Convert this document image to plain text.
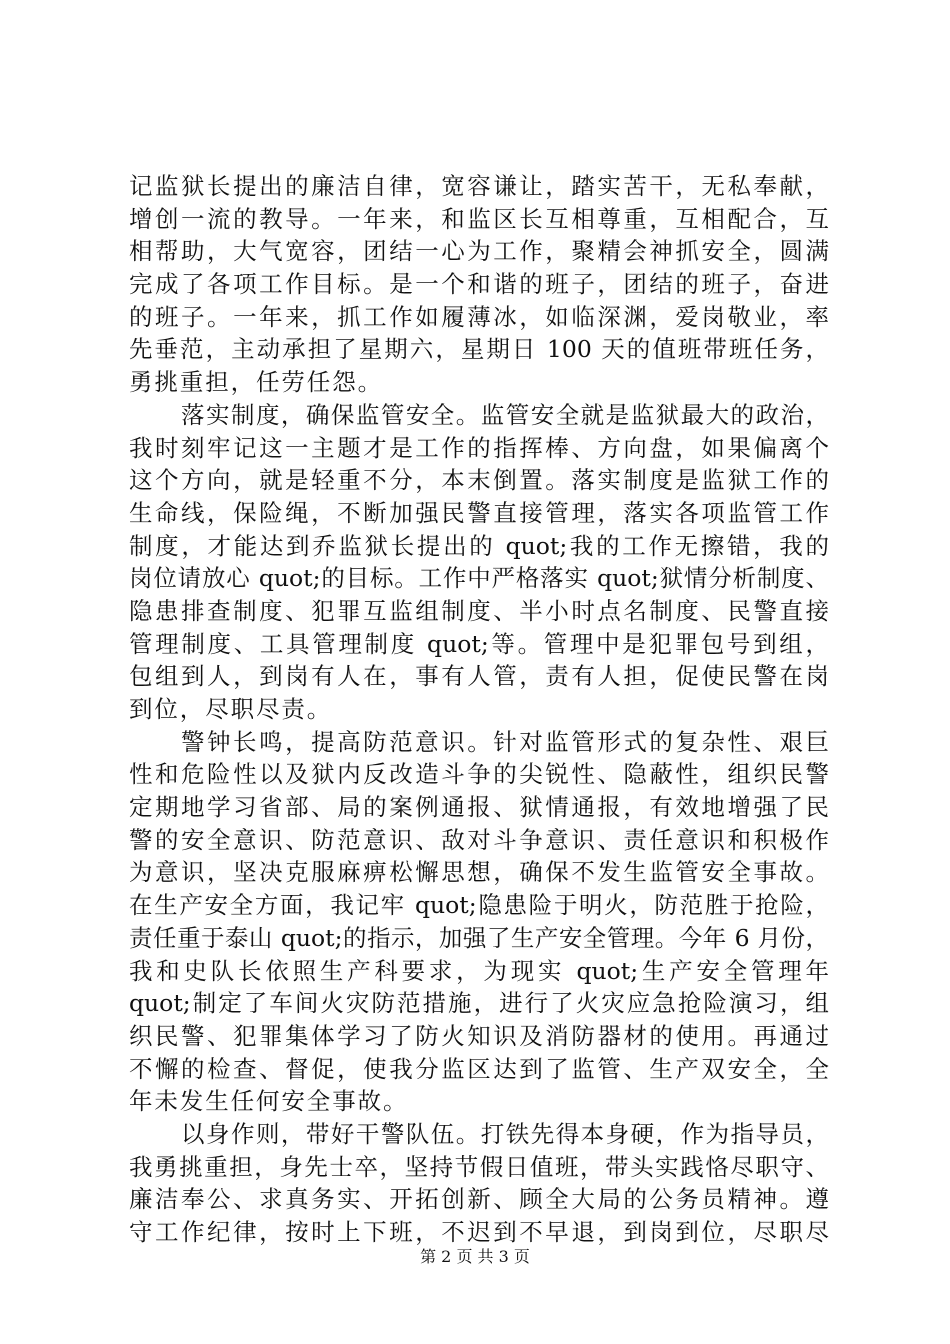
记监狱长提出的廉洁自律，宽容谦让，踏实苦干，无私奉献，
增创一流的教导。一年来，和监区长互相尊重，互相配合，互
相帮助，大气宽容，团结一心为工作，聚精会神抓安全，圆满
完成了各项工作目标。是一个和谐的班子，团结的班子，奋进
的班子。一年来，抓工作如履薄冰，如临深渊，爱岗敬业，率
先垂范，主动承担了星期六，星期日 100 天的值班带班任务，
勇挑重担，任劳任怨。
落实制度，确保监管安全。监管安全就是监狱最大的政治，
我时刻牢记这一主题才是工作的指挥棒、方向盘，如果偏离个
这个方向，就是轻重不分，本末倒置。落实制度是监狱工作的
生命线，保险绳，不断加强民警直接管理，落实各项监管工作
制度，才能达到乔监狱长提出的 quot;我的工作无擦错，我的
岗位请放心 quot;的目标。工作中严格落实 quot;狱情分析制度、
隐患排查制度、犯罪互监组制度、半小时点名制度、民警直接
管理制度、工具管理制度 quot;等。管理中是犯罪包号到组，
包组到人，到岗有人在，事有人管，责有人担，促使民警在岗
到位，尽职尽责。
警钟长鸣，提高防范意识。针对监管形式的复杂性、艰巨
性和危险性以及狱内反改造斗争的尖锐性、隐蔽性，组织民警
定期地学习省部、局的案例通报、狱情通报，有效地增强了民
警的安全意识、防范意识、敌对斗争意识、责任意识和积极作
为意识，坚决克服麻痹松懈思想，确保不发生监管安全事故。
在生产安全方面，我记牢 quot;隐患险于明火，防范胜于抢险，
责任重于泰山 quot;的指示，加强了生产安全管理。今年 6 月份，
我和史队长依照生产科要求，为现实 quot;生产安全管理年
quot;制定了车间火灾防范措施，进行了火灾应急抢险演习，组
织民警、犯罪集体学习了防火知识及消防器材的使用。再通过
不懈的检查、督促，使我分监区达到了监管、生产双安全，全
年未发生任何安全事故。
以身作则，带好干警队伍。打铁先得本身硬，作为指导员，
我勇挑重担，身先士卒，坚持节假日值班，带头实践恪尽职守、
廉洁奉公、求真务实、开拓创新、顾全大局的公务员精神。遵
守工作纪律，按时上下班，不迟到不早退，到岗到位，尽职尽
第 2 页 共 3 页
